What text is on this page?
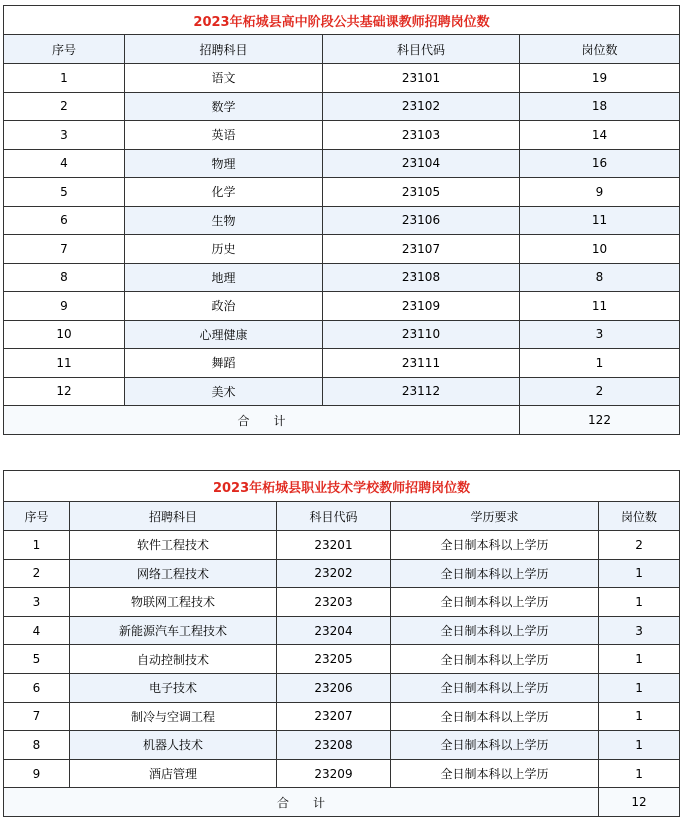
2023年柘城县高中阶段公共基础课教师招聘岗位数			
序号	招聘科目	科目代码	岗位数
1	语文	23101	19
2	数学	23102	18
3	英语	23103	14
4	物理	23104	16
5	化学	23105	9
6	生物	23106	11
7	历史	23107	10
8	地理	23108	8
9	政治	23109	11
10	心理健康	23110	3
11	舞蹈	23111	1
12	美术	23112	2
合 计			122
2023年柘城县职业技术学校教师招聘岗位数				
序号	招聘科目	科目代码	学历要求	岗位数
1	软件工程技术	23201	全日制本科以上学历	2
2	网络工程技术	23202	全日制本科以上学历	1
3	物联网工程技术	23203	全日制本科以上学历	1
4	新能源汽车工程技术	23204	全日制本科以上学历	3
5	自动控制技术	23205	全日制本科以上学历	1
6	电子技术	23206	全日制本科以上学历	1
7	制冷与空调工程	23207	全日制本科以上学历	1
8	机器人技术	23208	全日制本科以上学历	1
9	酒店管理	23209	全日制本科以上学历	1
合 计				12
